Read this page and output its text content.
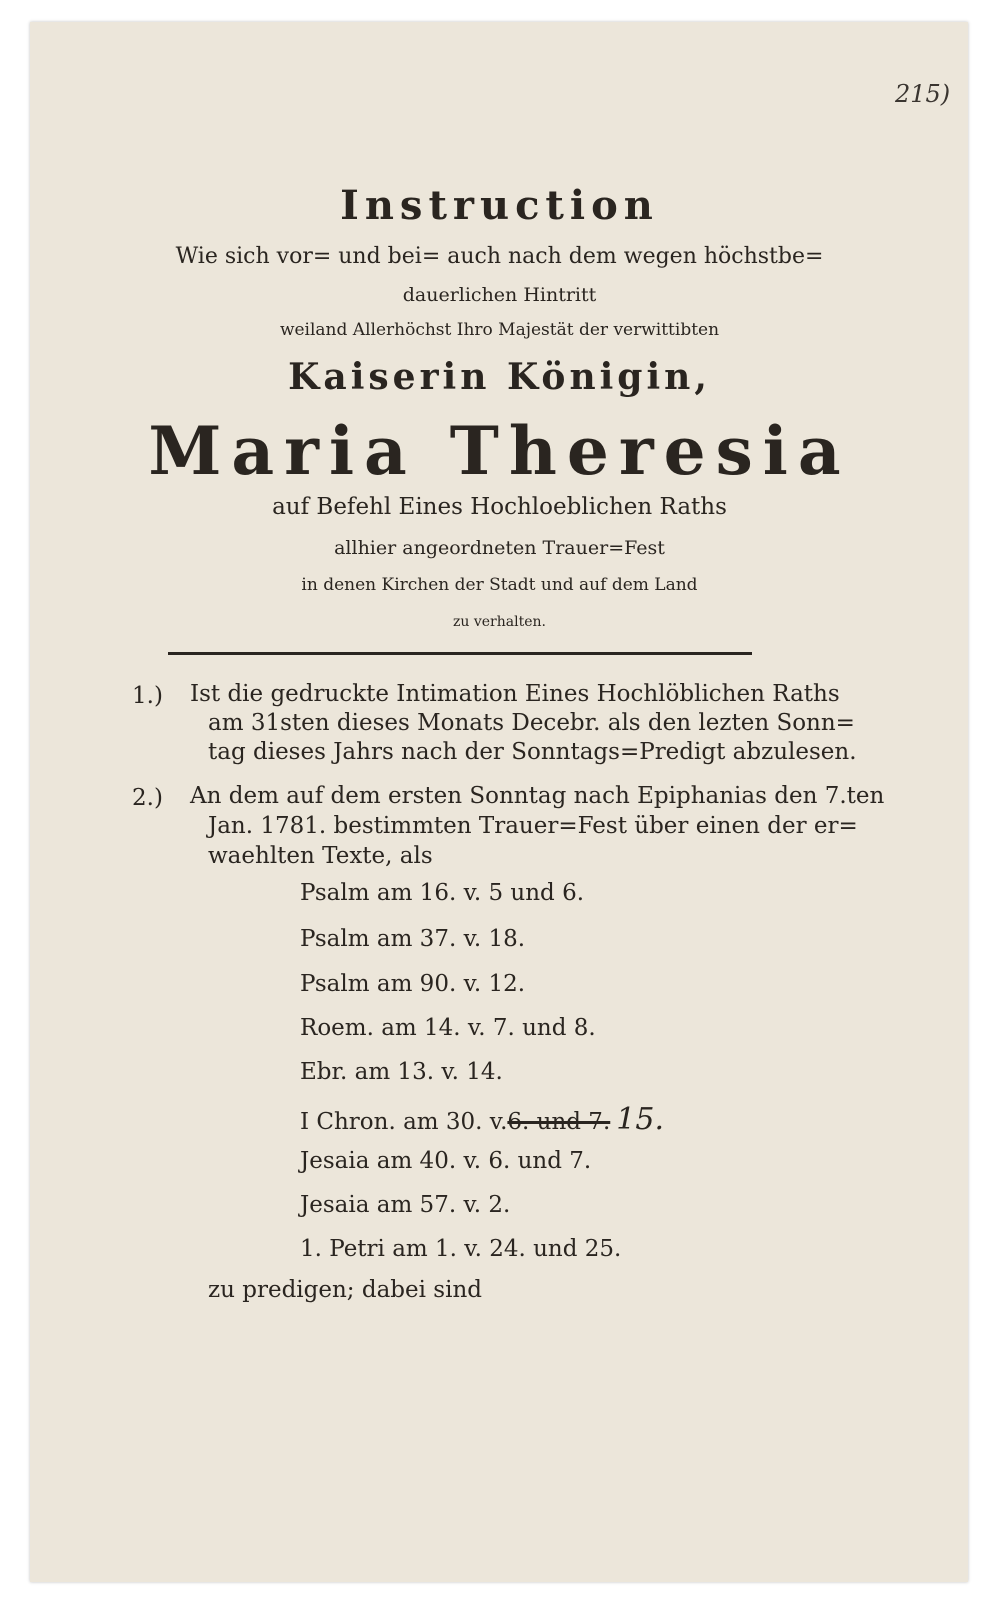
215)
Instruction
Wie sich vor= und bei= auch nach dem wegen höchstbe=
dauerlichen Hintritt
weiland Allerhöchst Ihro Majestät der verwittibten
Kaiserin Königin,
Maria Theresia
auf Befehl Eines Hochloeblichen Raths
allhier angeordneten Trauer=Fest
in denen Kirchen der Stadt und auf dem Land
zu verhalten.
1.) Ist die gedruckte Intimation Eines Hochlöblichen Raths
am 31sten dieses Monats Decebr. als den lezten Sonn=
tag dieses Jahrs nach der Sonntags=Predigt abzulesen.
2.) An dem auf dem ersten Sonntag nach Epiphanias den 7.ten
Jan. 1781. bestimmten Trauer=Fest über einen der er=
waehlten Texte, als
Psalm am 16. v. 5 und 6.
Psalm am 37. v. 18.
Psalm am 90. v. 12.
Roem. am 14. v. 7. und 8.
Ebr. am 13. v. 14.
I Chron. am 30. v.6. und 7. 15.
Jesaia am 40. v. 6. und 7.
Jesaia am 57. v. 2.
1. Petri am 1. v. 24. und 25.
zu predigen; dabei sind
